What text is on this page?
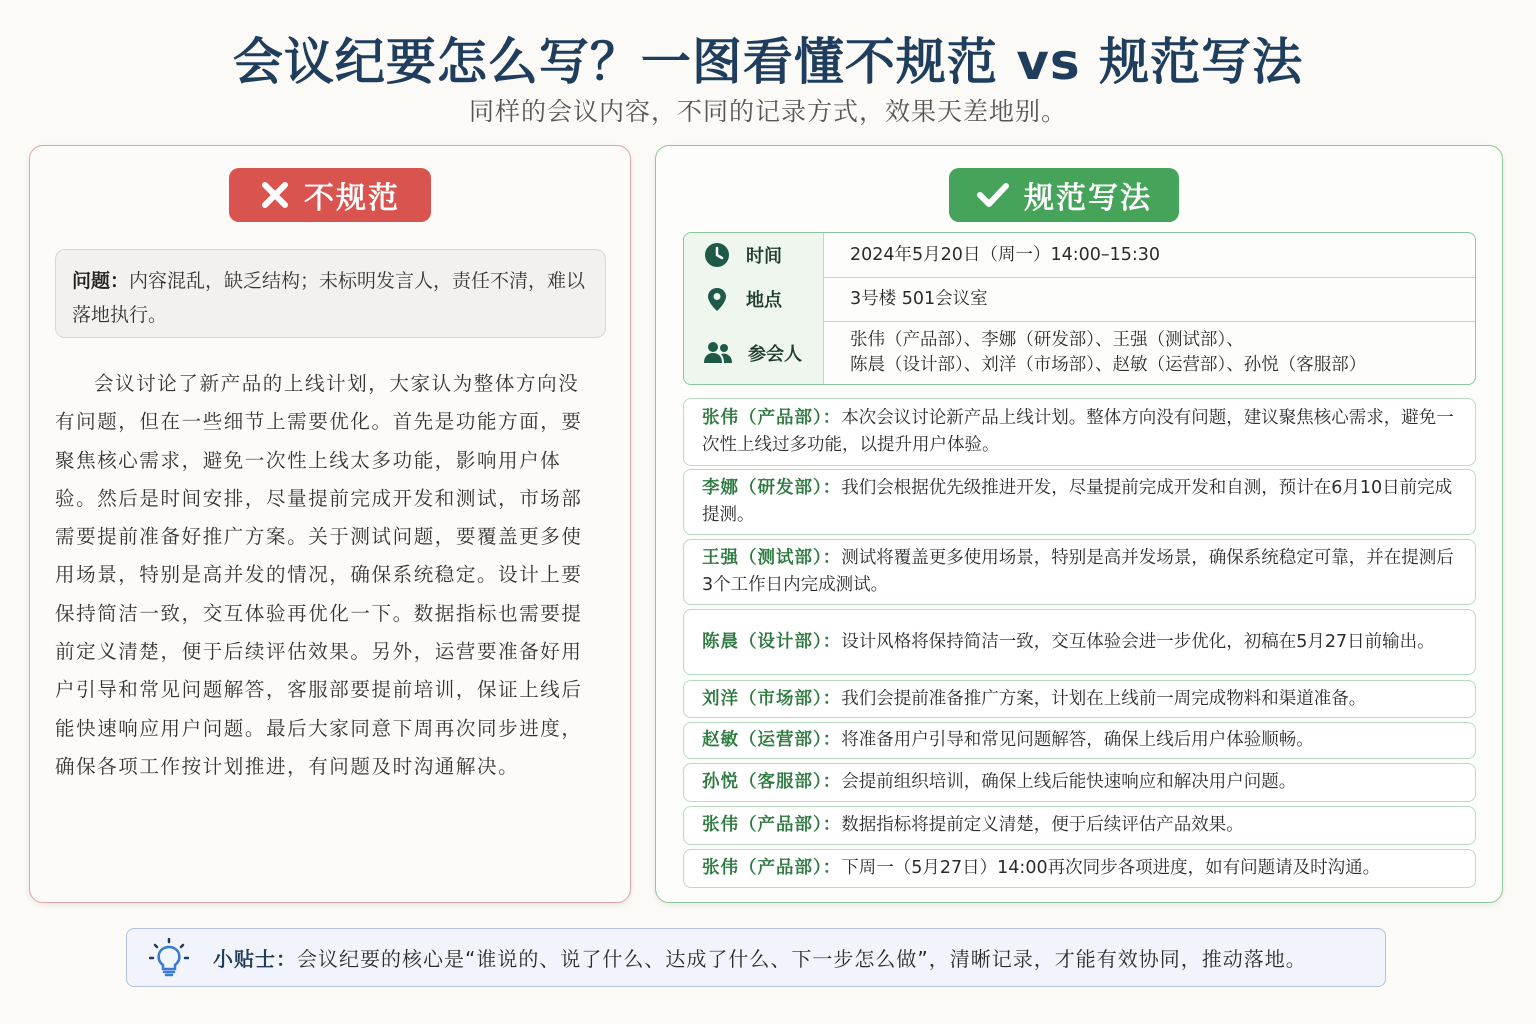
会议纪要怎么写？一图看懂不规范 vs 规范写法
同样的会议内容，不同的记录方式，效果天差地别。
不规范
问题：内容混乱，缺乏结构；未标明发言人，责任不清，难以落地执行。

会议讨论了新产品的上线计划，大家认为整体方向没有问题，但在一些细节上需要优化。首先是功能方面，要聚焦核心需求，避免一次性上线太多功能，影响用户体验。然后是时间安排，尽量提前完成开发和测试，市场部需要提前准备好推广方案。关于测试问题，要覆盖更多使用场景，特别是高并发的情况，确保系统稳定。设计上要保持简洁一致，交互体验再优化一下。数据指标也需要提前定义清楚，便于后续评估效果。另外，运营要准备好用户引导和常见问题解答，客服部要提前培训，保证上线后能快速响应用户问题。最后大家同意下周再次同步进度，确保各项工作按计划推进，有问题及时沟通解决。

规范写法
时间	2024年5月20日（周一）14:00–15:30
地点	3号楼 501会议室
参会人
张伟（产品部）、李娜（研发部）、王强（测试部）、
陈晨（设计部）、刘洋（市场部）、赵敏（运营部）、孙悦（客服部）
张伟（产品部）：本次会议讨论新产品上线计划。整体方向没有问题，建议聚焦核心需求，避免一次性上线过多功能，以提升用户体验。
李娜（研发部）：我们会根据优先级推进开发，尽量提前完成开发和自测，预计在6月10日前完成提测。
王强（测试部）：测试将覆盖更多使用场景，特别是高并发场景，确保系统稳定可靠，并在提测后3个工作日内完成测试。
陈晨（设计部）：设计风格将保持简洁一致，交互体验会进一步优化，初稿在5月27日前输出。
刘洋（市场部）：我们会提前准备推广方案，计划在上线前一周完成物料和渠道准备。
赵敏（运营部）：将准备用户引导和常见问题解答，确保上线后用户体验顺畅。
孙悦（客服部）：会提前组织培训，确保上线后能快速响应和解决用户问题。
张伟（产品部）：数据指标将提前定义清楚，便于后续评估产品效果。
张伟（产品部）：下周一（5月27日）14:00再次同步各项进度，如有问题请及时沟通。
小贴士： 会议纪要的核心是“谁说的、说了什么、达成了什么、下一步怎么做”，清晰记录，才能有效协同，推动落地。
